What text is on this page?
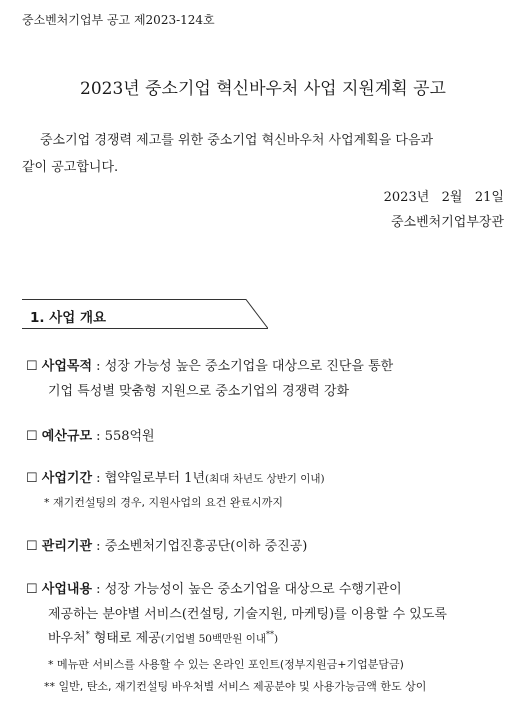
중소벤처기업부 공고 제2023-124호
2023년 중소기업 혁신바우처 사업 지원계획 공고
중소기업 경쟁력 제고를 위한 중소기업 혁신바우처 사업계획을 다음과
같이 공고합니다.
2023년   2월   21일
중소벤처기업부장관
1. 사업 개요
☐ 사업목적 : 성장 가능성 높은 중소기업을 대상으로 진단을 통한
기업 특성별 맞춤형 지원으로 중소기업의 경쟁력 강화
☐ 예산규모 : 558억원
☐ 사업기간 : 협약일로부터 1년(최대 차년도 상반기 이내)
* 재기컨설팅의 경우, 지원사업의 요건 완료시까지
☐ 관리기관 : 중소벤처기업진흥공단(이하 중진공)
☐ 사업내용 : 성장 가능성이 높은 중소기업을 대상으로 수행기관이
제공하는 분야별 서비스(컨설팅, 기술지원, 마케팅)를 이용할 수 있도록
바우처* 형태로 제공(기업별 50백만원 이내**)
* 메뉴판 서비스를 사용할 수 있는 온라인 포인트(정부지원금+기업분담금)
** 일반, 탄소, 재기컨설팅 바우처별 서비스 제공분야 및 사용가능금액 한도 상이
